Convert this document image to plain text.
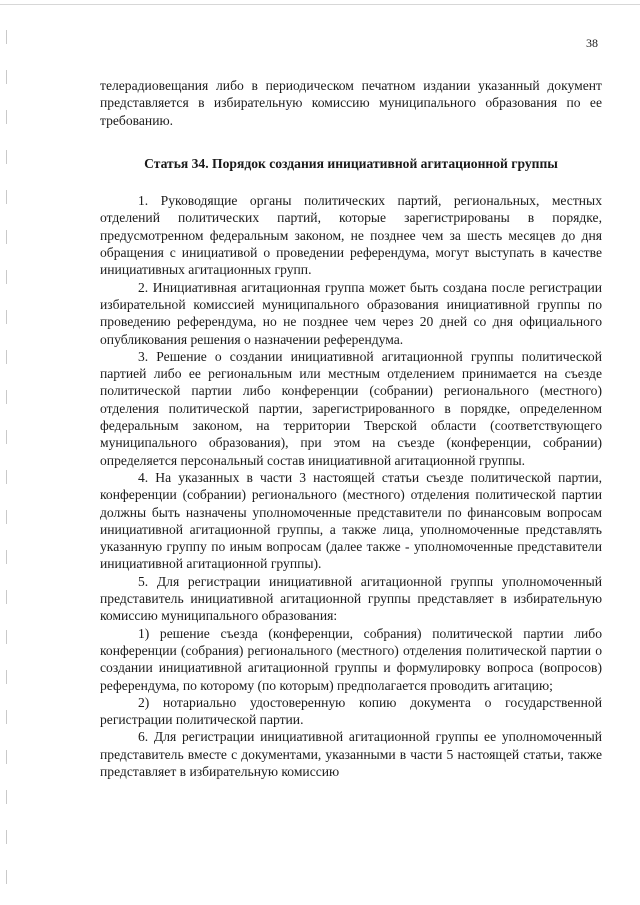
38

телерадиовещания либо в периодическом печатном издании указанный документ представляется в избирательную комиссию муниципального образования по ее требованию.

Статья 34. Порядок создания инициативной агитационной группы

1. Руководящие органы политических партий, региональных, местных отделений политических партий, которые зарегистрированы в порядке, предусмотренном федеральным законом, не позднее чем за шесть месяцев до дня обращения с инициативой о проведении референдума, могут выступать в качестве инициативных агитационных групп.

2. Инициативная агитационная группа может быть создана после регистрации избирательной комиссией муниципального образования инициативной группы по проведению референдума, но не позднее чем через 20 дней со дня официального опубликования решения о назначении референдума.

3. Решение о создании инициативной агитационной группы политической партией либо ее региональным или местным отделением принимается на съезде политической партии либо конференции (собрании) регионального (местного) отделения политической партии, зарегистрированного в порядке, определенном федеральным законом, на территории Тверской области (соответствующего муниципального образования), при этом на съезде (конференции, собрании) определяется персональный состав инициативной агитационной группы.

4. На указанных в части 3 настоящей статьи съезде политической партии, конференции (собрании) регионального (местного) отделения политической партии должны быть назначены уполномоченные представители по финансовым вопросам инициативной агитационной группы, а также лица, уполномоченные представлять указанную группу по иным вопросам (далее также - уполномоченные представители инициативной агитационной группы).

5. Для регистрации инициативной агитационной группы уполномоченный представитель инициативной агитационной группы представляет в избирательную комиссию муниципального образования:

1) решение съезда (конференции, собрания) политической партии либо конференции (собрания) регионального (местного) отделения политической партии о создании инициативной агитационной группы и формулировку вопроса (вопросов) референдума, по которому (по которым) предполагается проводить агитацию;

2) нотариально удостоверенную копию документа о государственной регистрации политической партии.

6. Для регистрации инициативной агитационной группы ее уполномоченный представитель вместе с документами, указанными в части 5 настоящей статьи, также представляет в избирательную комиссию
